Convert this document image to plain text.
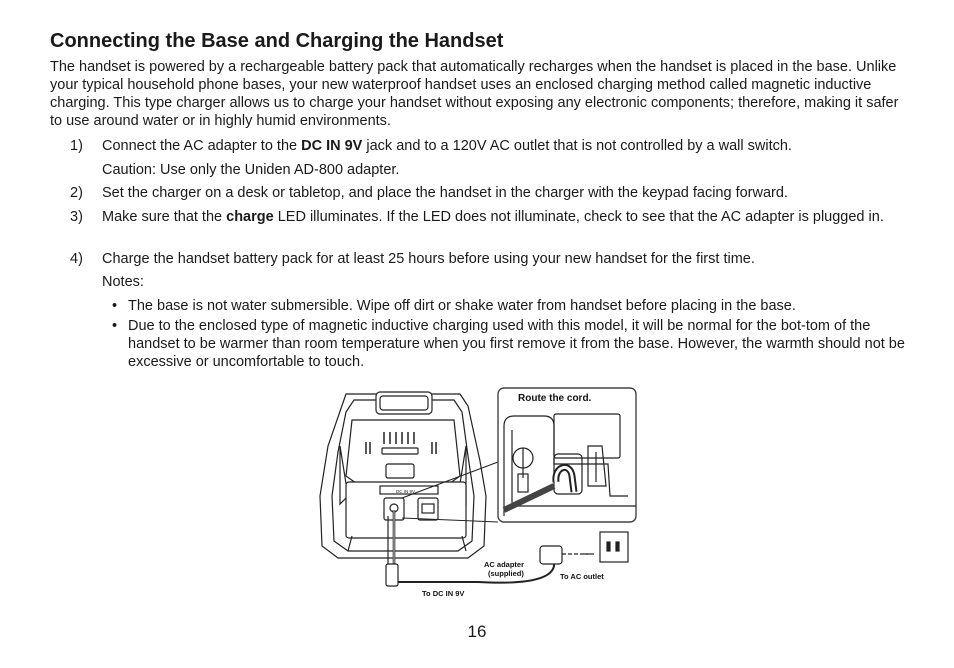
Connecting the Base and Charging the Handset

The handset is powered by a rechargeable battery pack that automatically recharges when the handset is placed in the base. Unlike your typical household phone bases, your new waterproof handset uses an enclosed charging method called magnetic inductive charging. This type charger allows us to charge your handset without exposing any electronic components; therefore, making it safer to use around water or in highly humid environments.

1)	Connect the AC adapter to the DC IN 9V jack and to a 120V AC outlet that is not controlled by a wall switch.
Caution: Use only the Uniden AD-800 adapter.
2)	Set the charger on a desk or tabletop, and place the handset in the charger with the keypad facing forward.
3)	Make sure that the charge LED illuminates. If the LED does not illuminate, check to see that the AC adapter is plugged in.
4)	Charge the handset battery pack for at least 25 hours before using your new handset for the first time.
Notes:
• The base is not water submersible. Wipe off dirt or shake water from handset before placing in the base.
• Due to the enclosed type of magnetic inductive charging used with this model, it will be normal for the bot-tom of the handset to be warmer than room temperature when you first remove it from the base. However, the warmth should not be excessive or uncomfortable to touch.
DC IN 9V
Route the cord.
AC adapter
(supplied)	To AC outlet
To DC IN 9V
16
